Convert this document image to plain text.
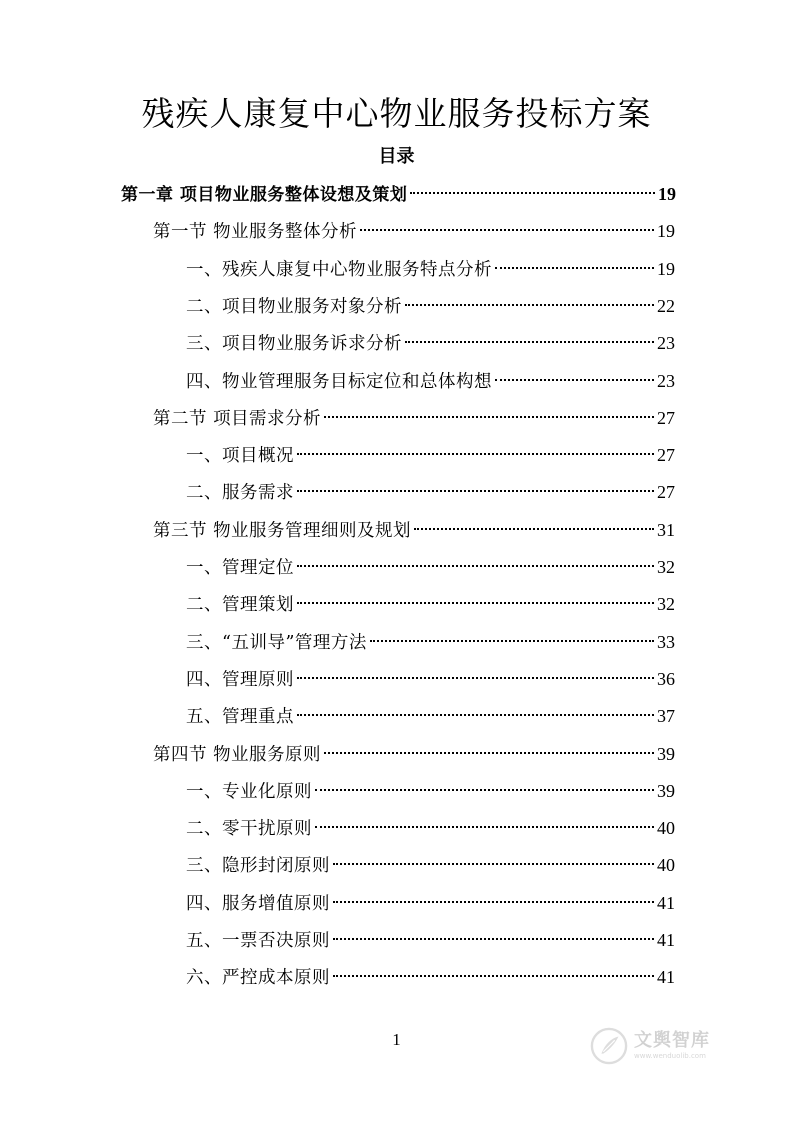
残疾人康复中心物业服务投标方案
目录
第一章 项目物业服务整体设想及策划	19
第一节 物业服务整体分析	19
一、残疾人康复中心物业服务特点分析	19
二、项目物业服务对象分析	22
三、项目物业服务诉求分析	23
四、物业管理服务目标定位和总体构想	23
第二节 项目需求分析	27
一、项目概况	27
二、服务需求	27
第三节 物业服务管理细则及规划	31
一、管理定位	32
二、管理策划	32
三、“五训导”管理方法	33
四、管理原则	36
五、管理重点	37
第四节 物业服务原则	39
一、专业化原则	39
二、零干扰原则	40
三、隐形封闭原则	40
四、服务增值原则	41
五、一票否决原则	41
六、严控成本原则	41
1	文舆智库
www.wenduolib.com
